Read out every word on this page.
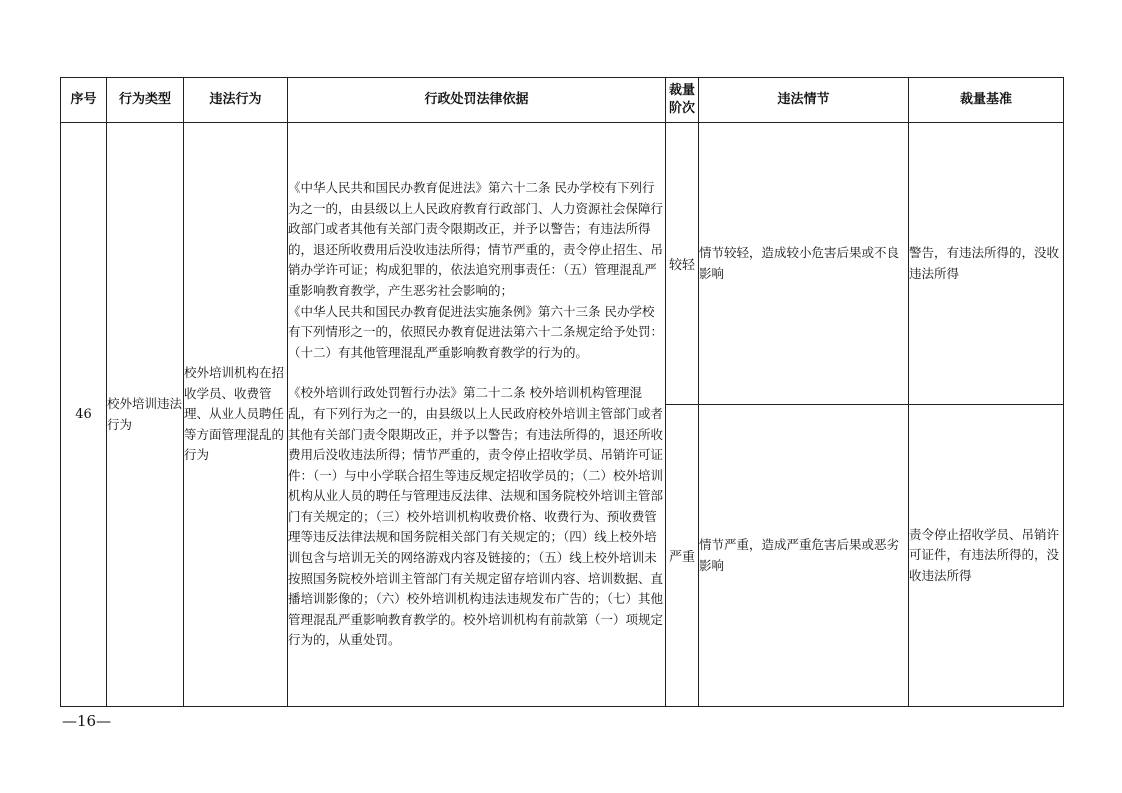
序号	行为类型	违法行为	行政处罚法律依据	裁量阶次	违法情节	裁量基准
46	校外培训违法行为	校外培训机构在招收学员、收费管理、从业人员聘任等方面管理混乱的行为	《中华人民共和国民办教育促进法》第六十二条 民办学校有下列行为之一的，由县级以上人民政府教育行政部门、人力资源社会保障行政部门或者其他有关部门责令限期改正，并予以警告；有违法所得的，退还所收费用后没收违法所得；情节严重的，责令停止招生、吊销办学许可证；构成犯罪的，依法追究刑事责任：（五）管理混乱严重影响教育教学，产生恶劣社会影响的；

《中华人民共和国民办教育促进法实施条例》第六十三条 民办学校有下列情形之一的，依照民办教育促进法第六十二条规定给予处罚：（十二）有其他管理混乱严重影响教育教学的行为的。

《校外培训行政处罚暂行办法》第二十二条 校外培训机构管理混乱，有下列行为之一的，由县级以上人民政府校外培训主管部门或者其他有关部门责令限期改正，并予以警告；有违法所得的，退还所收费用后没收违法所得；情节严重的，责令停止招收学员、吊销许可证件：（一）与中小学联合招生等违反规定招收学员的；（二）校外培训机构从业人员的聘任与管理违反法律、法规和国务院校外培训主管部门有关规定的；（三）校外培训机构收费价格、收费行为、预收费管理等违反法律法规和国务院相关部门有关规定的；（四）线上校外培训包含与培训无关的网络游戏内容及链接的；（五）线上校外培训未按照国务院校外培训主管部门有关规定留存培训内容、培训数据、直播培训影像的；（六）校外培训机构违法违规发布广告的；（七）其他管理混乱严重影响教育教学的。校外培训机构有前款第（一）项规定行为的，从重处罚。	较轻	情节较轻，造成较小危害后果或不良影响	警告，有违法所得的，没收违法所得
				严重	情节严重，造成严重危害后果或恶劣影响	责令停止招收学员、吊销许可证件，有违法所得的，没收违法所得
—16—
